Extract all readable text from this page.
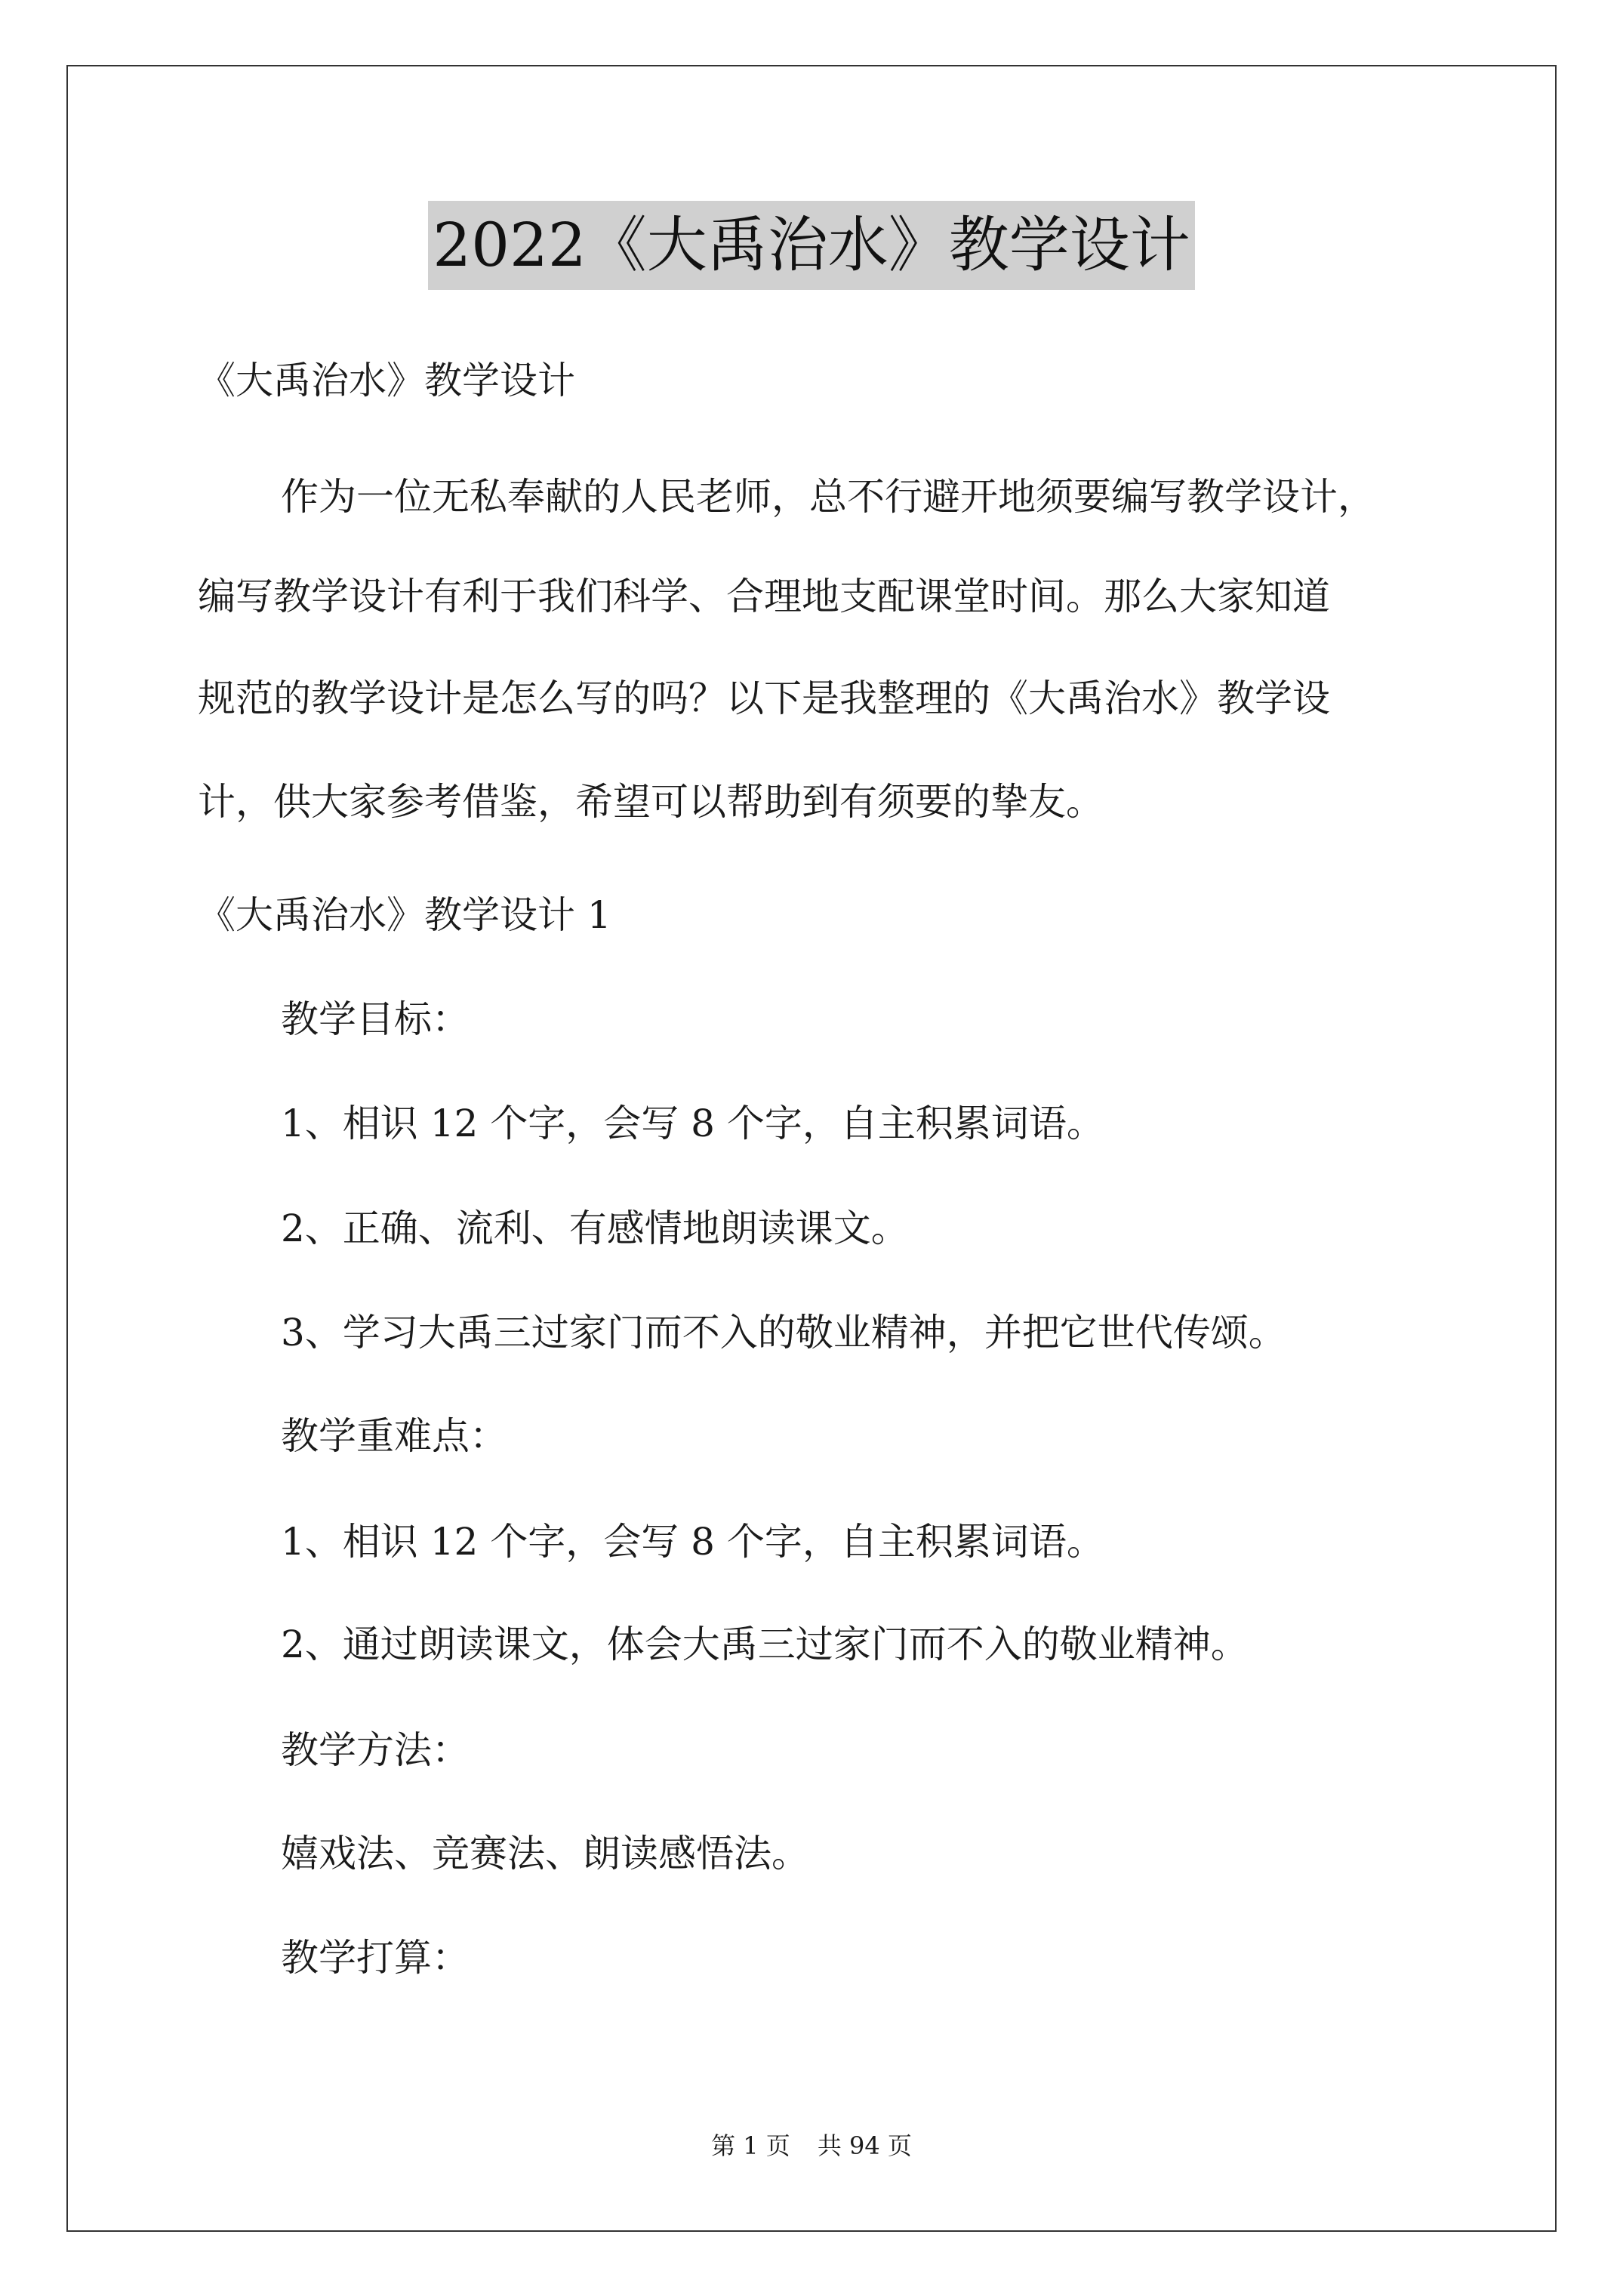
2022《大禹治水》教学设计
《大禹治水》教学设计
作为一位无私奉献的人民老师，总不行避开地须要编写教学设计，
编写教学设计有利于我们科学、合理地支配课堂时间。那么大家知道
规范的教学设计是怎么写的吗？以下是我整理的《大禹治水》教学设
计，供大家参考借鉴，希望可以帮助到有须要的挚友。
《大禹治水》教学设计 1
教学目标：
1、相识 12 个字，会写 8 个字，自主积累词语。
2、正确、流利、有感情地朗读课文。
3、学习大禹三过家门而不入的敬业精神，并把它世代传颂。
教学重难点：
1、相识 12 个字，会写 8 个字，自主积累词语。
2、通过朗读课文，体会大禹三过家门而不入的敬业精神。
教学方法：
嬉戏法、竞赛法、朗读感悟法。
教学打算：
第 1 页 共 94 页
